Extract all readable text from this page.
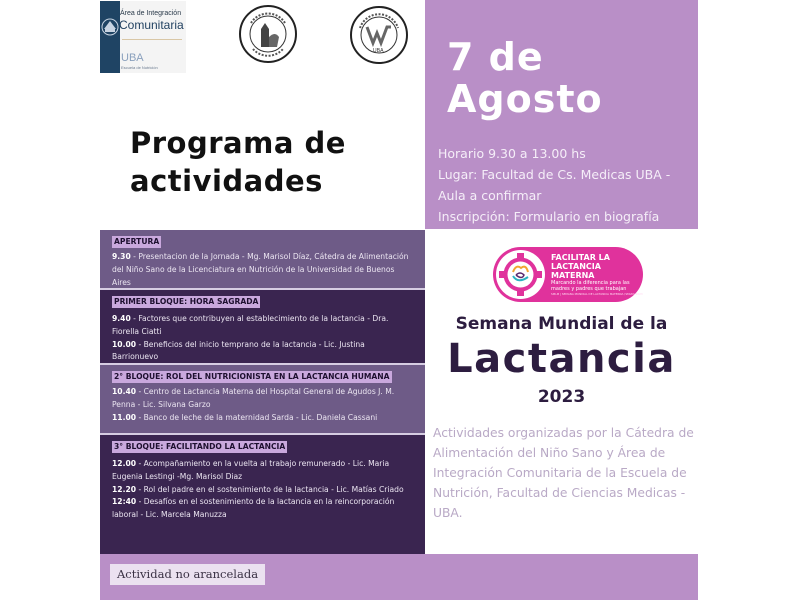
Área de Integración
Comunitaria
UBA
Escuela de Nutrición
UBA 7 de
Agosto
Horario 9.30 a 13.00 hs
Lugar: Facultad de Cs. Medicas UBA -
Aula a confirmar
Inscripción: Formulario en biografía
Programa de
actividades
APERTURA
9.30 - Presentacion de la Jornada - Mg. Marisol Díaz, Cátedra de Alimentación del Niño Sano de la Licenciatura en Nutrición de la Universidad de Buenos Aires
PRIMER BLOQUE: HORA SAGRADA
9.40 - Factores que contribuyen al establecimiento de la lactancia - Dra. Fiorella Ciatti
10.00 - Beneficios del inicio temprano de la lactancia - Lic. Justina Barrionuevo
2° BLOQUE: ROL DEL NUTRICIONISTA EN LA LACTANCIA HUMANA
10.40 - Centro de Lactancia Materna del Hospital General de Agudos J. M. Penna - Lic. Silvana Garzo
11.00 - Banco de leche de la maternidad Sarda - Lic. Daniela Cassani
3° BLOQUE: FACILITANDO LA LACTANCIA
12.00 - Acompañamiento en la vuelta al trabajo remunerado - Lic. Maria Eugenia Lestingi -Mg. Marisol Diaz
12.20 - Rol del padre en el sostenimiento de la lactancia - Lic. Matías Criado
12:40 - Desafíos en el sostenimiento de la lactancia en la reincorporación laboral - Lic. Marcela Manuzza
FACILITAR LA
LACTANCIA
MATERNA
Marcando la diferencia para las madres y padres que trabajan
SMLM | SEMANA MUNDIAL DE LACTANCIA MATERNA (SMLM) 2023
Semana Mundial de la
Lactancia
2023
Actividades organizadas por la Cátedra de Alimentación del Niño Sano y Área de Integración Comunitaria de la Escuela de Nutrición, Facultad de Ciencias Medicas -UBA.
Actividad no arancelada
